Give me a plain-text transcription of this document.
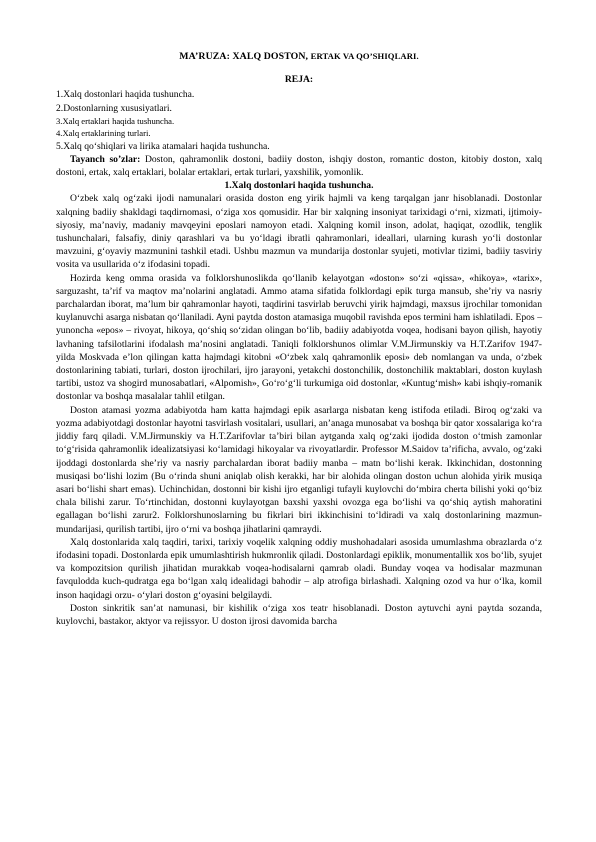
MA’RUZA: XALQ DOSTON, ERTAK VA QO’SHIQLARI.

REJA:

1.Xalq dostonlari haqida tushuncha.

2.Dostonlarning xususiyatlari.

3.Xalq ertaklari haqida tushuncha.

4.Xalq ertaklarining turlari.

5.Xalq qo‘shiqlari va lirika atamalari haqida tushuncha.

Tayanch so’zlar: Doston, qahramonlik dostoni, badiiy doston, ishqiy doston, romantic doston, kitobiy doston, xalq dostoni, ertak, xalq ertaklari, bolalar ertaklari, ertak turlari, yaxshilik, yomonlik.

1.Xalq dostonlari haqida tushuncha.

O‘zbek xalq og‘zaki ijodi namunalari orasida doston eng yirik hajmli va keng tarqalgan janr hisoblanadi. Dostonlar xalqning badiiy shakldagi taqdirnomasi, o‘ziga xos qomusidir. Har bir xalqning insoniyat tarixidagi o‘rni, xizmati, ijtimoiy-siyosiy, ma’naviy, madaniy mavqeyini eposlari namoyon etadi. Xalqning komil inson, adolat, haqiqat, ozodlik, tenglik tushunchalari, falsafiy, diniy qarashlari va bu yo‘ldagi ibratli qahramonlari, ideallari, ularning kurash yo‘li dostonlar mavzuini, g‘oyaviy mazmunini tashkil etadi. Ushbu mazmun va mundarija dostonlar syujeti, motivlar tizimi, badiiy tasviriy vosita va usullarida o‘z ifodasini topadi.

Hozirda keng omma orasida va folklorshunoslikda qo‘llanib kelayotgan «doston» so‘zi «qissa», «hikoya», «tarix», sarguzasht, ta’rif va maqtov ma’nolarini anglatadi. Ammo atama sifatida folklordagi epik turga mansub, she’riy va nasriy parchalardan iborat, ma’lum bir qahramonlar hayoti, taqdirini tasvirlab beruvchi yirik hajmdagi, maxsus ijrochilar tomonidan kuylanuvchi asarga nisbatan qo‘llaniladi. Ayni paytda doston atamasiga muqobil ravishda epos termini ham ishlatiladi. Epos – yunoncha «epos» – rivoyat, hikoya, qo‘shiq so‘zidan olingan bo‘lib, badiiy adabiyotda voqea, hodisani bayon qilish, hayotiy lavhaning tafsilotlarini ifodalash ma’nosini anglatadi. Taniqli folklorshunos olimlar V.M.Jirmunskiy va H.T.Zarifov 1947-yilda Moskvada e’lon qilingan katta hajmdagi kitobni «O‘zbek xalq qahramonlik eposi» deb nomlangan va unda, o‘zbek dostonlarining tabiati, turlari, doston ijrochilari, ijro jarayoni, yetakchi dostonchilik, dostonchilik maktablari, doston kuylash tartibi, ustoz va shogird munosabatlari, «Alpomish», Go‘ro‘g‘li turkumiga oid dostonlar, «Kuntug‘mish» kabi ishqiy-romanik dostonlar va boshqa masalalar tahlil etilgan.

Doston atamasi yozma adabiyotda ham katta hajmdagi epik asarlarga nisbatan keng istifoda etiladi. Biroq og‘zaki va yozma adabiyotdagi dostonlar hayotni tasvirlash vositalari, usullari, an’anaga munosabat va boshqa bir qator xossalariga ko‘ra jiddiy farq qiladi. V.M.Jirmunskiy va H.T.Zarifovlar ta’biri bilan aytganda xalq og‘zaki ijodida doston o‘tmish zamonlar to‘g‘risida qahramonlik idealizatsiyasi ko‘lamidagi hikoyalar va rivoyatlardir. Professor M.Saidov ta’rificha, avvalo, og‘zaki ijoddagi dostonlarda she’riy va nasriy parchalardan iborat badiiy manba – matn bo‘lishi kerak. Ikkinchidan, dostonning musiqasi bo‘lishi lozim (Bu o‘rinda shuni aniqlab olish kerakki, har bir alohida olingan doston uchun alohida yirik musiqa asari bo‘lishi shart emas). Uchinchidan, dostonni bir kishi ijro etganligi tufayli kuylovchi do‘mbira cherta bilishi yoki qo‘biz chala bilishi zarur. To‘rtinchidan, dostonni kuylayotgan baxshi yaxshi ovozga ega bo‘lishi va qo‘shiq aytish mahoratini egallagan bo‘lishi zarur2. Folklorshunoslarning bu fikrlari biri ikkinchisini to‘ldiradi va xalq dostonlarining mazmun- mundarijasi, qurilish tartibi, ijro o‘rni va boshqa jihatlarini qamraydi.

Xalq dostonlarida xalq taqdiri, tarixi, tarixiy voqelik xalqning oddiy mushohadalari asosida umumlashma obrazlarda o‘z ifodasini topadi. Dostonlarda epik umumlashtirish hukmronlik qiladi. Dostonlardagi epiklik, monumentallik xos bo‘lib, syujet va kompozitsion qurilish jihatidan murakkab voqea-hodisalarni qamrab oladi. Bunday voqea va hodisalar mazmunan favqulodda kuch-qudratga ega bo‘lgan xalq idealidagi bahodir – alp atrofiga birlashadi. Xalqning ozod va hur o‘lka, komil inson haqidagi orzu- o‘ylari doston g‘oyasini belgilaydi.

Doston sinkritik san’at namunasi, bir kishilik o‘ziga xos teatr hisoblanadi. Doston aytuvchi ayni paytda sozanda, kuylovchi, bastakor, aktyor va rejissyor. U doston ijrosi davomida barcha
